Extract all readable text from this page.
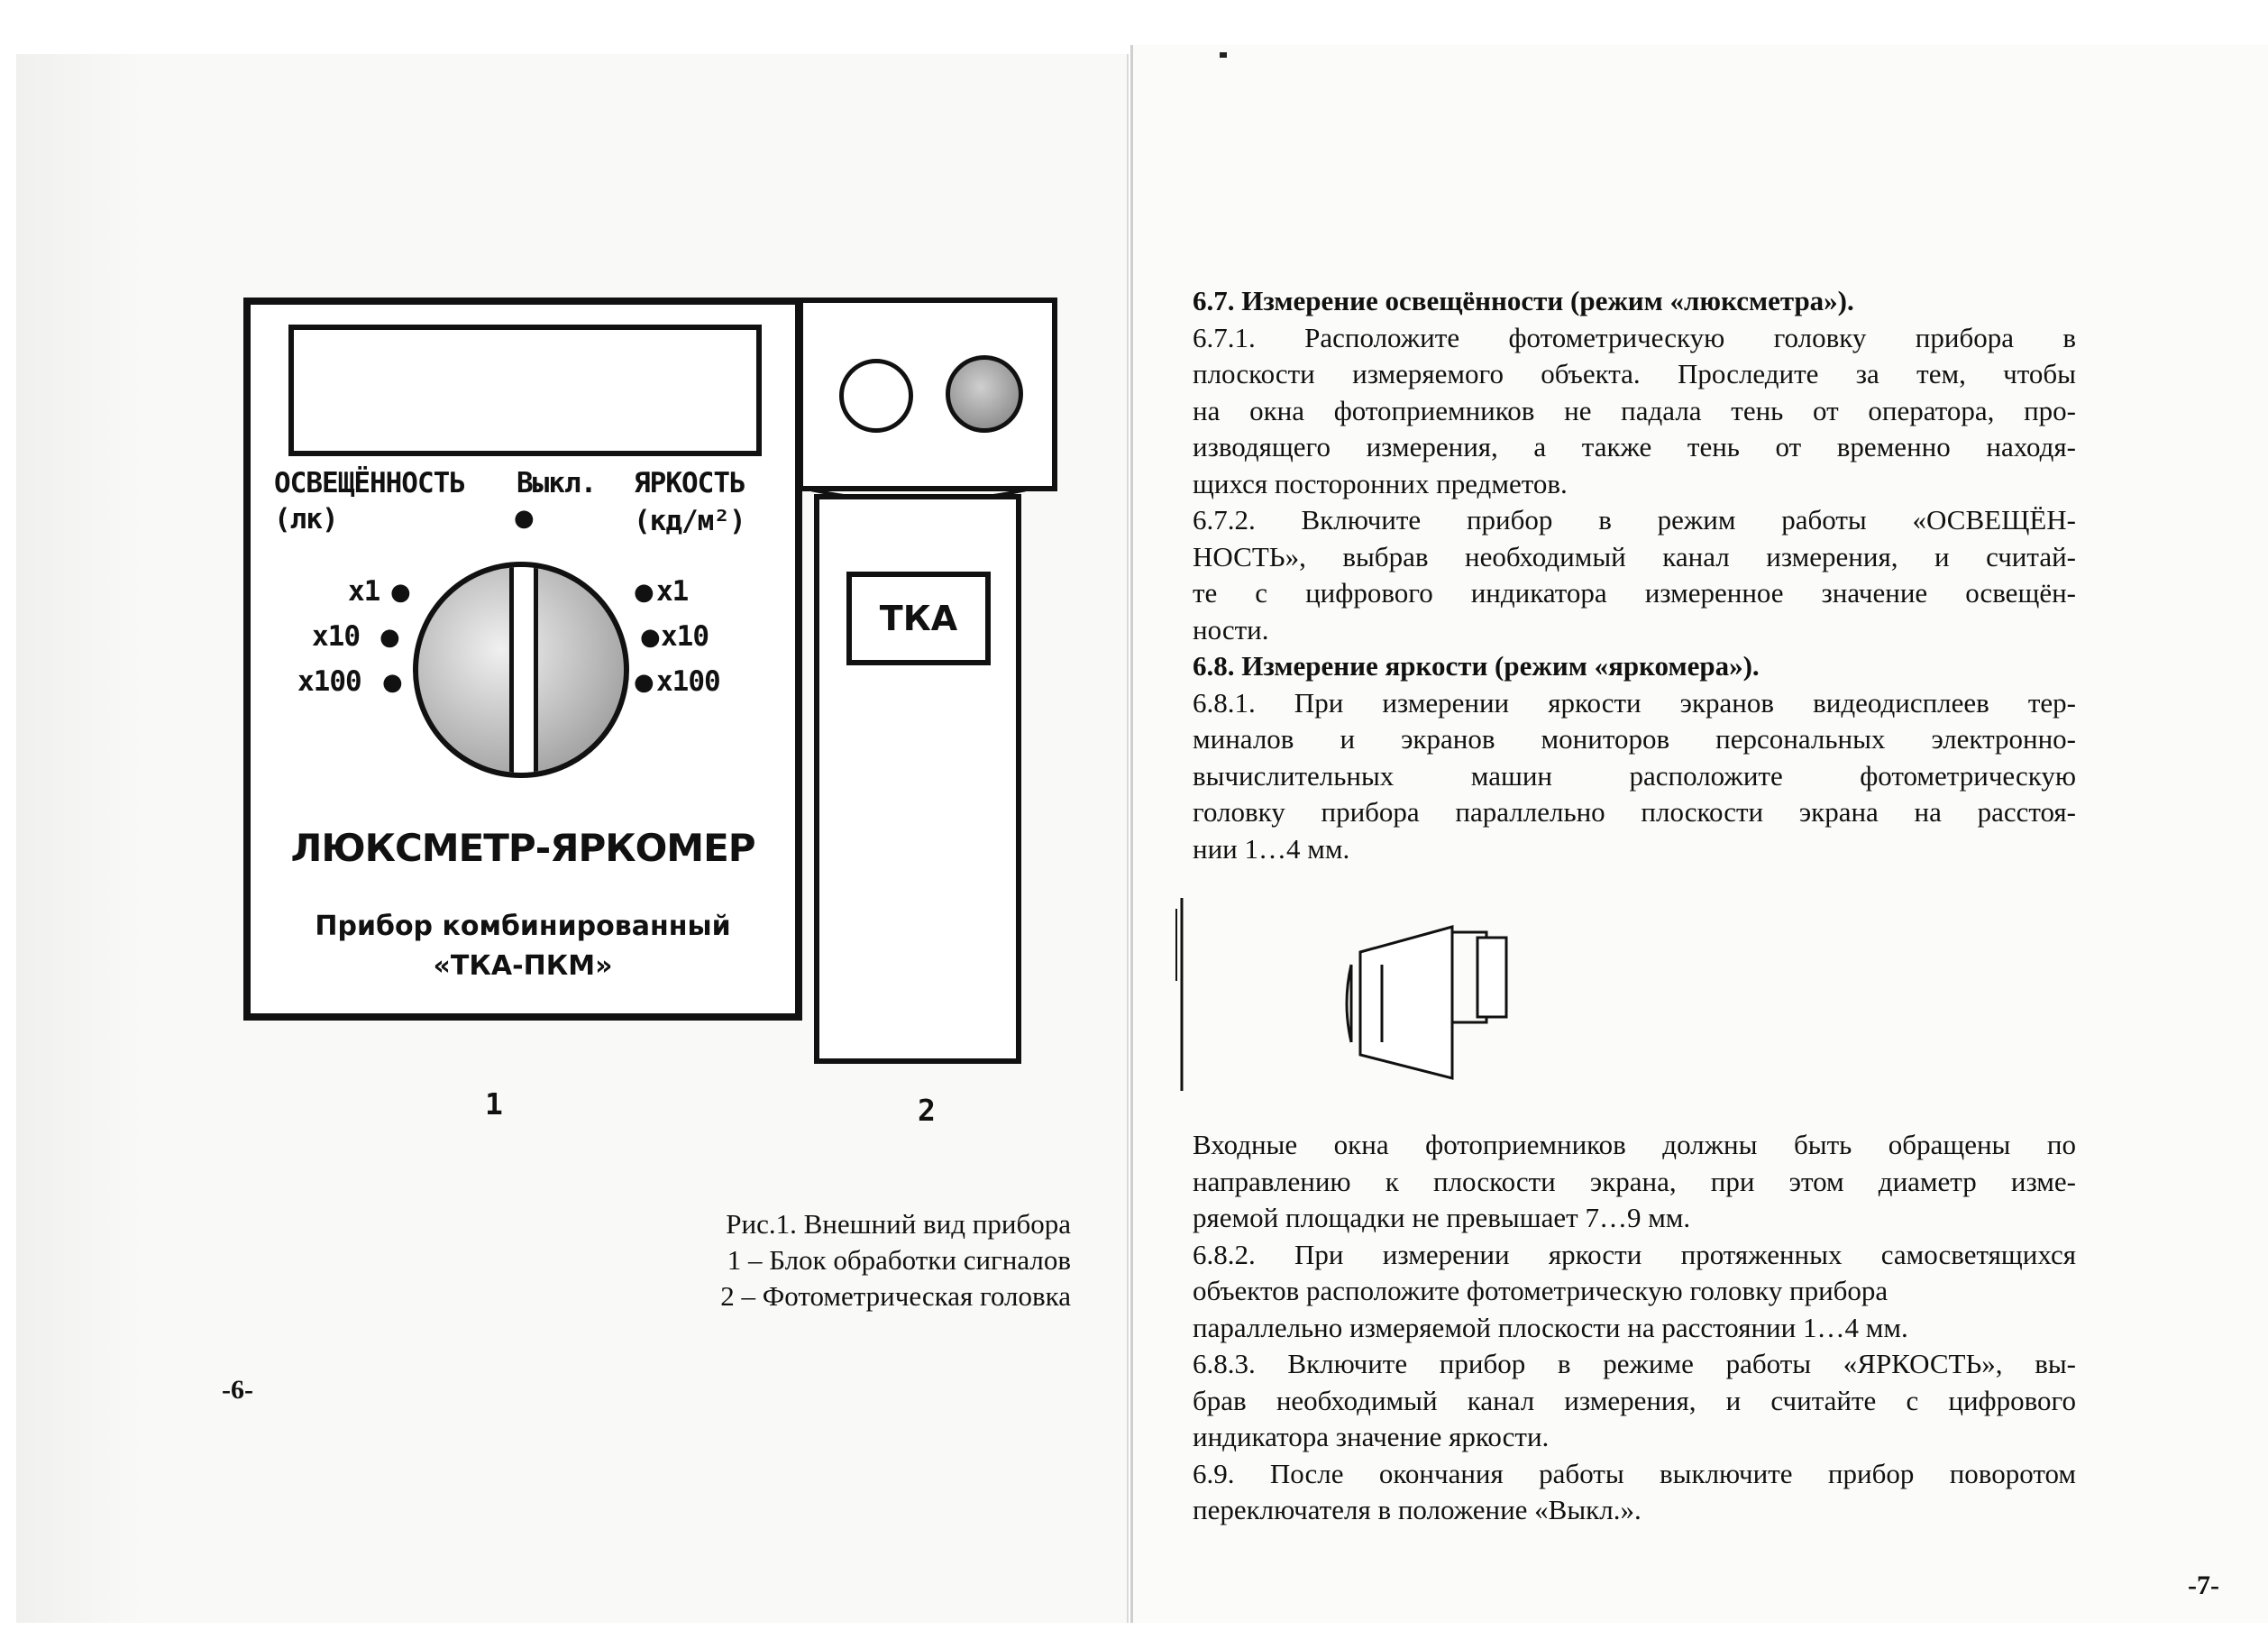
ОСВЕЩЁННОСТЬ Выкл. ЯРКОСТЬ
(лк)	●	(кд/м²)
x1 ●
x10 ●
x100 ●
● x1
● x10
● x100
ЛЮКСМЕТР-ЯРКОМЕР
Прибор комбинированный
«ТКА-ПКМ»
ТКА
1	2
Рис.1. Внешний вид прибора
1 – Блок обработки сигналов
2 – Фотометрическая головка
-6-

6.7. Измерение освещённости (режим «люксметра»).

6.7.1. Расположите фотометрическую головку прибора в

плоскости измеряемого объекта. Проследите за тем, чтобы

на окна фотоприемников не падала тень от оператора, про-

изводящего измерения, а также тень от временно находя-

щихся посторонних предметов.

6.7.2. Включите прибор в режим работы «ОСВЕЩЁН-

НОСТЬ», выбрав необходимый канал измерения, и считай-

те с цифрового индикатора измеренное значение освещён-

ности.

6.8. Измерение яркости (режим «яркомера»).

6.8.1. При измерении яркости экранов видеодисплеев тер-

миналов и экранов мониторов персональных электронно-

вычислительных машин расположите фотометрическую

головку прибора параллельно плоскости экрана на расстоя-

нии 1…4 мм.

Входные окна фотоприемников должны быть обращены по

направлению к плоскости экрана, при этом диаметр изме-

ряемой площадки не превышает 7…9 мм.

6.8.2. При измерении яркости протяженных самосветящихся

объектов расположите фотометрическую головку прибора

параллельно измеряемой плоскости на расстоянии 1…4 мм.

6.8.3. Включите прибор в режиме работы «ЯРКОСТЬ», вы-

брав необходимый канал измерения, и считайте с цифрового

индикатора значение яркости.

6.9. После окончания работы выключите прибор поворотом

переключателя в положение «Выкл.».

-7-
